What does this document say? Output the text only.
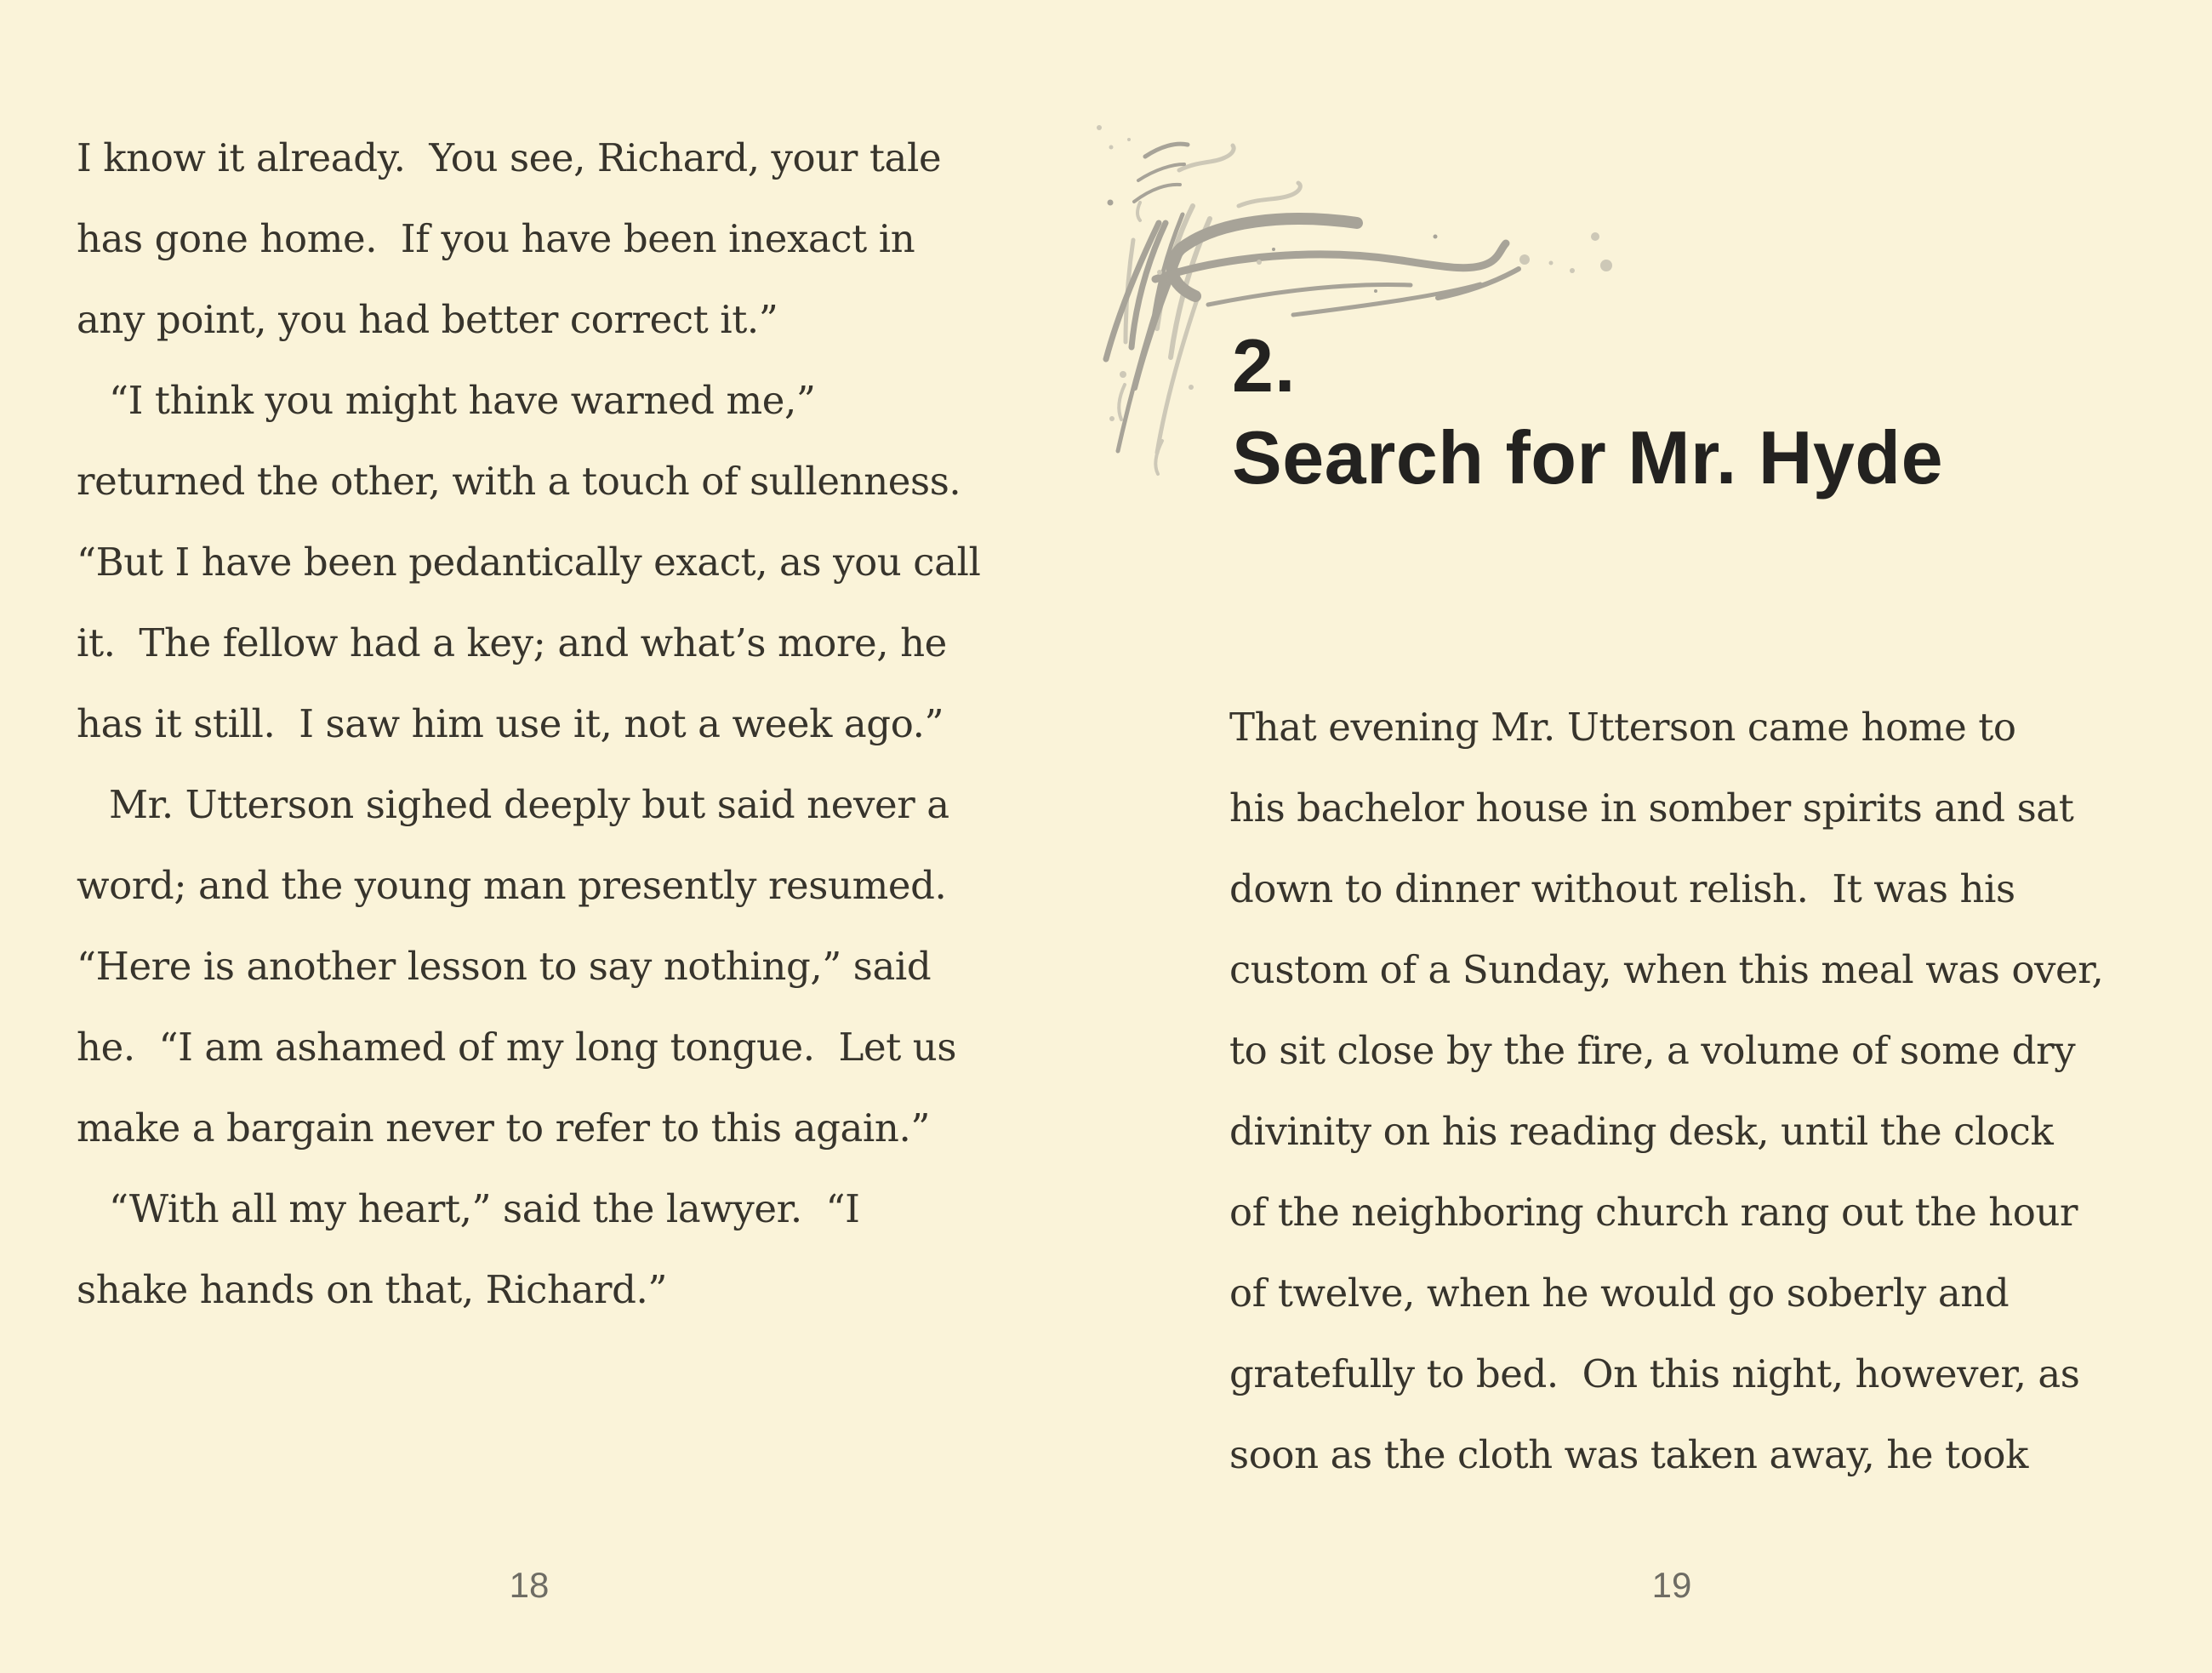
I know it already.  You see, Richard, your tale
has gone home.  If you have been inexact in
any point, you had better correct it.”
“I think you might have warned me,”
returned the other, with a touch of sullenness.
“But I have been pedantically exact, as you call
it.  The fellow had a key; and what’s more, he
has it still.  I saw him use it, not a week ago.”
Mr. Utterson sighed deeply but said never a
word; and the young man presently resumed.
“Here is another lesson to say nothing,” said
he.  “I am ashamed of my long tongue.  Let us
make a bargain never to refer to this again.”
“With all my heart,” said the lawyer.  “I
shake hands on that, Richard.”
18
2.
Search for Mr. Hyde
That evening Mr. Utterson came home to
his bachelor house in somber spirits and sat
down to dinner without relish.  It was his
custom of a Sunday, when this meal was over,
to sit close by the fire, a volume of some dry
divinity on his reading desk, until the clock
of the neighboring church rang out the hour
of twelve, when he would go soberly and
gratefully to bed.  On this night, however, as
soon as the cloth was taken away, he took
19
